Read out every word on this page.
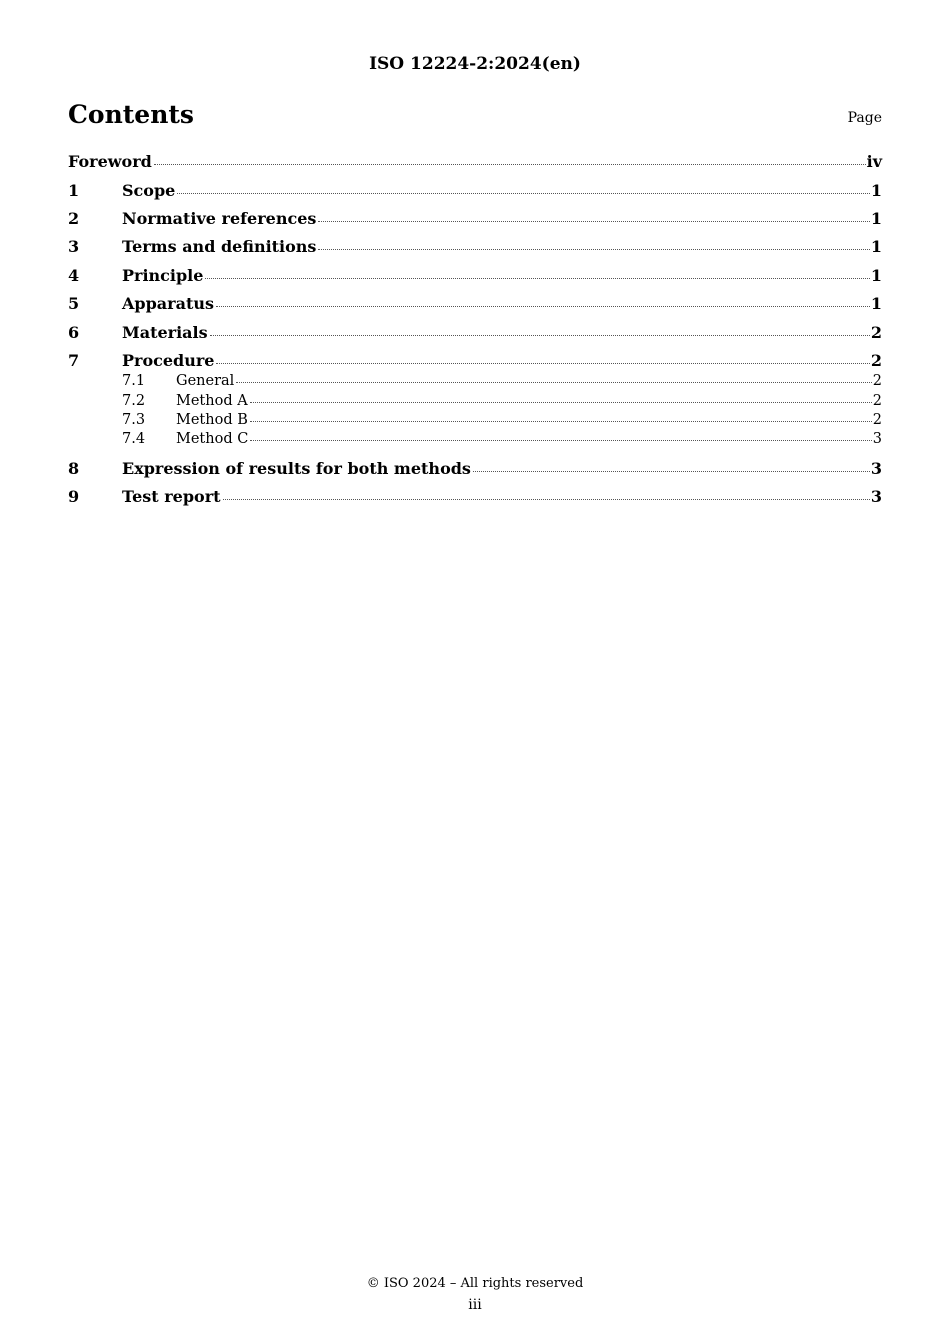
ISO 12224-2:2024(en)
Contents	Page
Foreword	iv
1	Scope	1
2	Normative references	1
3	Terms and definitions	1
4	Principle	1
5	Apparatus	1
6	Materials	2
7	Procedure	2
7.1	General	2
7.2	Method A	2
7.3	Method B	2
7.4	Method C	3
8	Expression of results for both methods	3
9	Test report	3
© ISO 2024 – All rights reserved
iii
